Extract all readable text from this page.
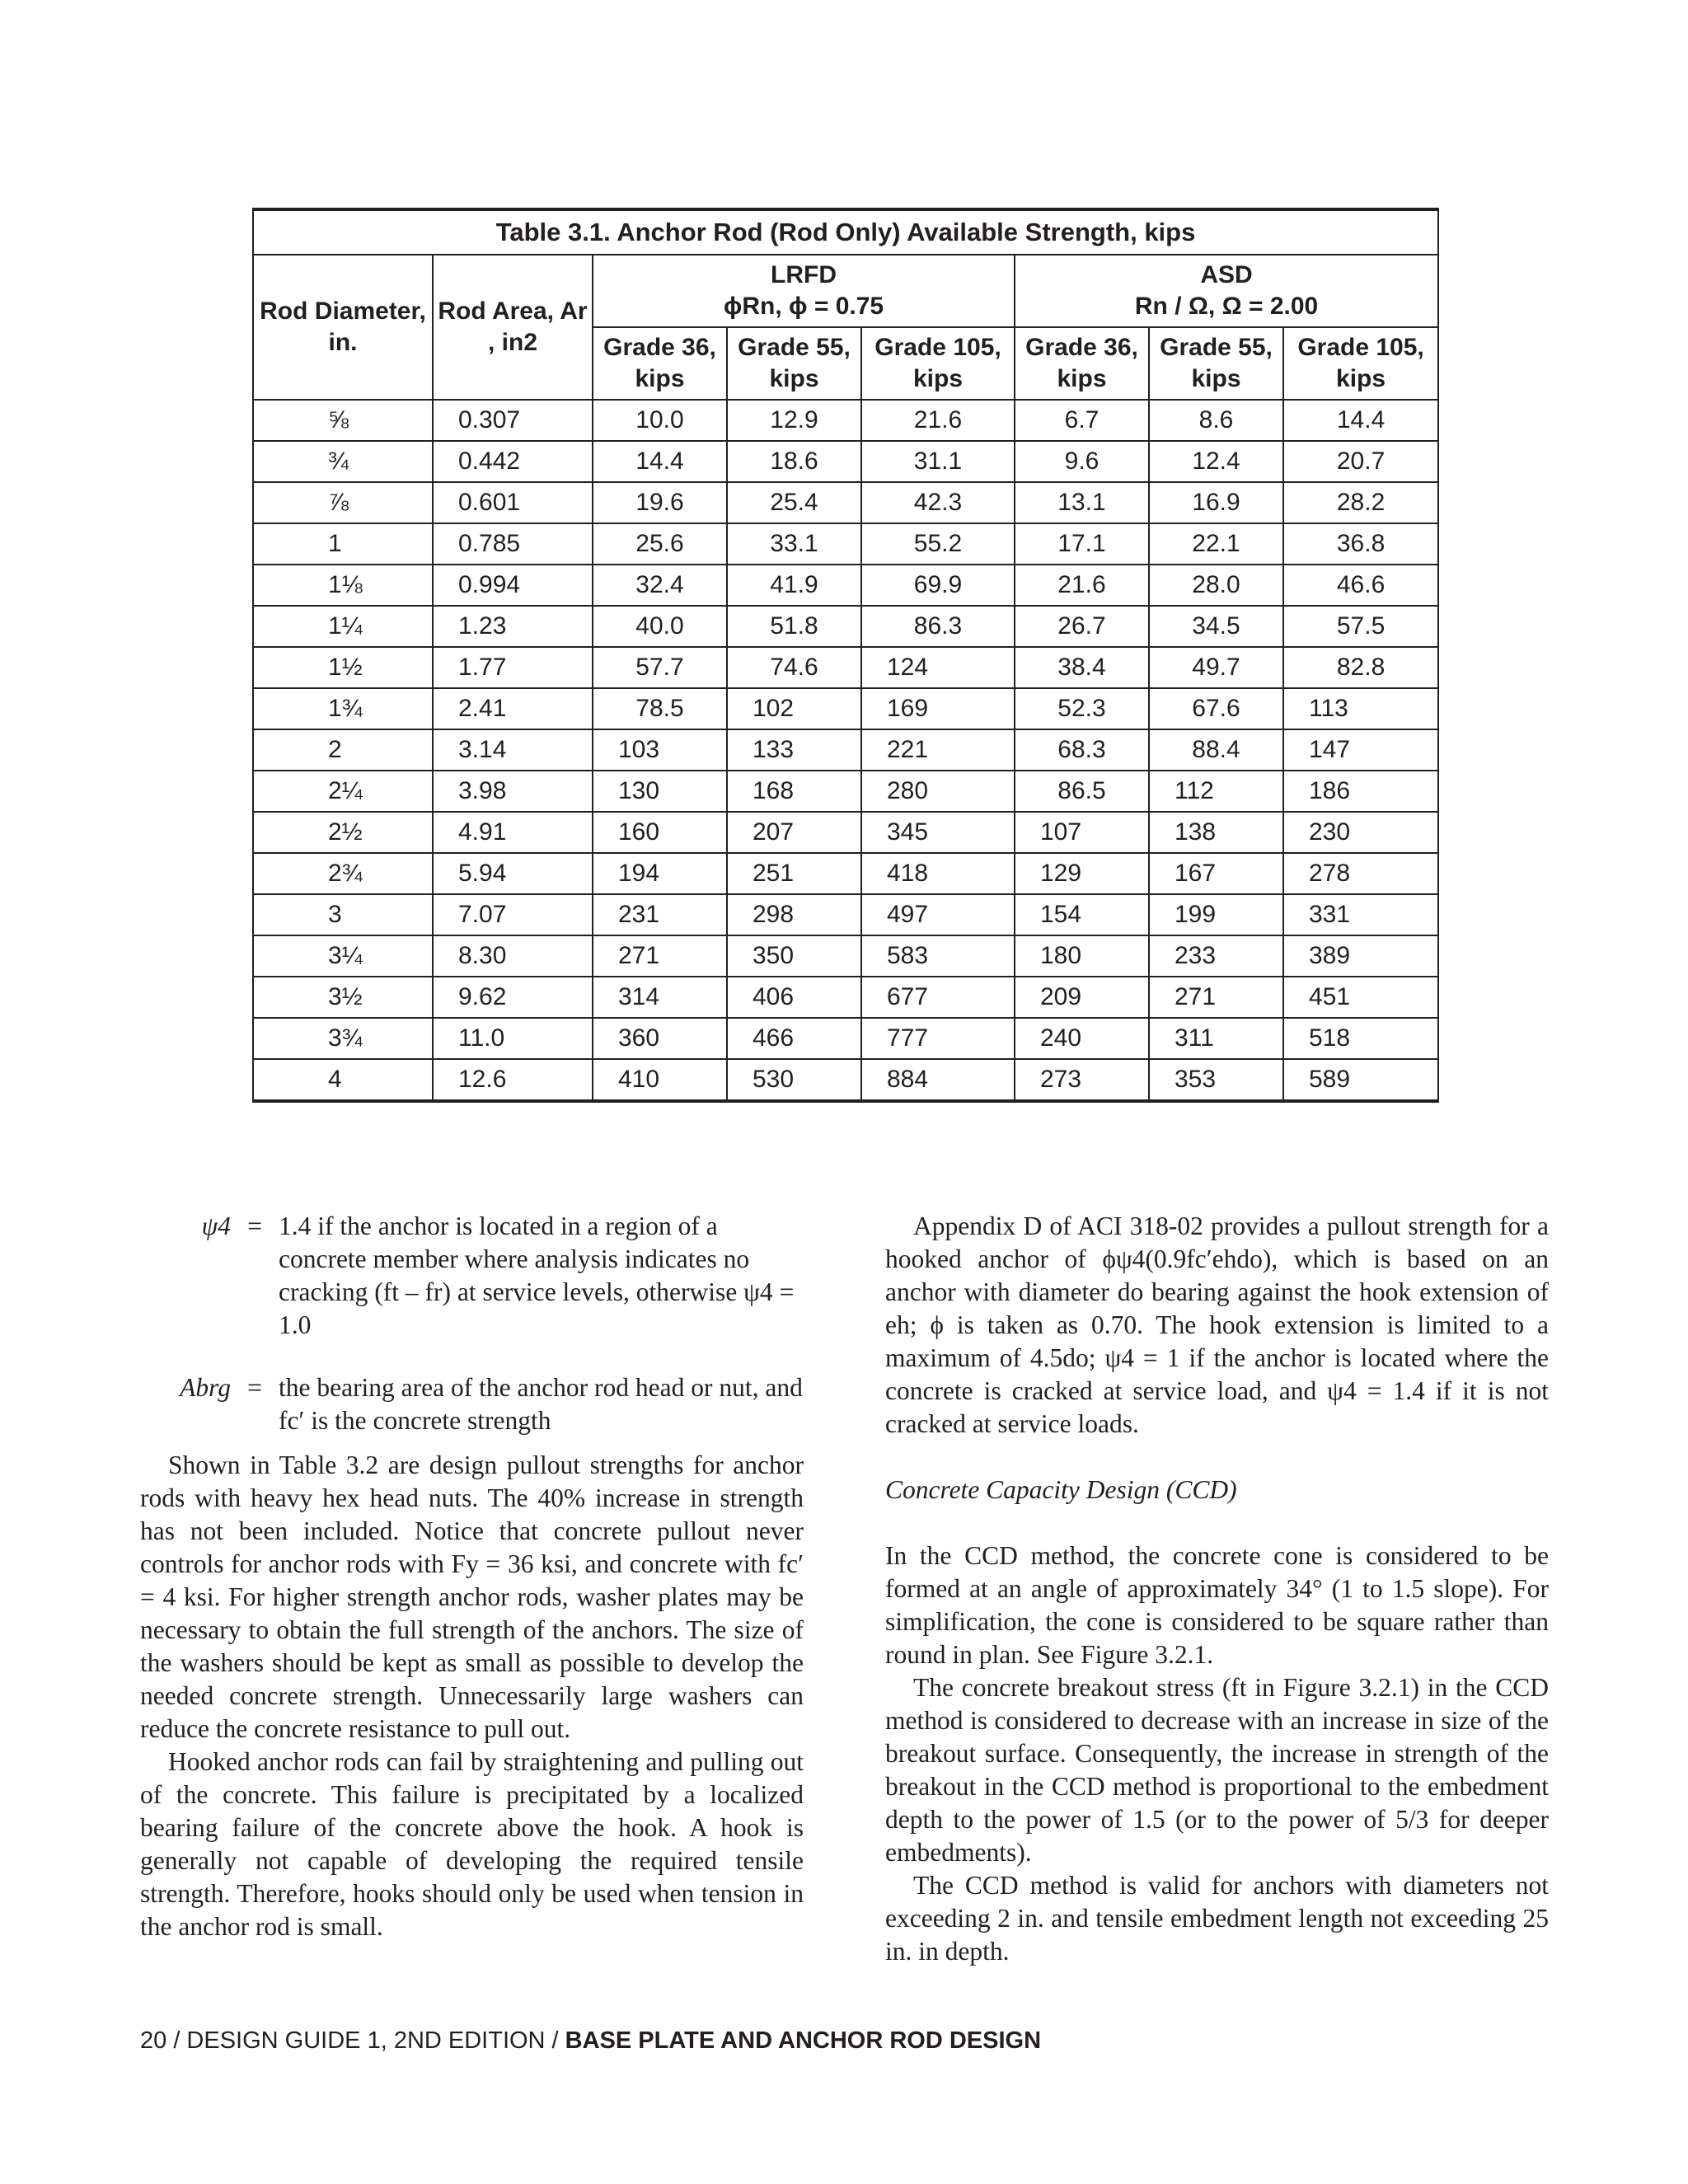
Table 3.1. Anchor Rod (Rod Only) Available Strength, kips							
Rod Diameter, in.	Rod Area, Ar , in2	LRFD
ϕRn, ϕ = 0.75			ASD
Rn / Ω, Ω = 2.00		

		Grade 36, kips	Grade 55, kips	Grade 105, kips	Grade 36, kips	Grade 55, kips	Grade 105, kips
⅝	0.307	10.0	12.9	21.6	6.7	8.6	14.4
¾	0.442	14.4	18.6	31.1	9.6	12.4	20.7
⅞	0.601	19.6	25.4	42.3	13.1	16.9	28.2
1	0.785	25.6	33.1	55.2	17.1	22.1	36.8
1⅛	0.994	32.4	41.9	69.9	21.6	28.0	46.6
1¼	1.23	40.0	51.8	86.3	26.7	34.5	57.5
1½	1.77	57.7	74.6	124	38.4	49.7	82.8
1¾	2.41	78.5	102	169	52.3	67.6	113
2	3.14	103	133	221	68.3	88.4	147
2¼	3.98	130	168	280	86.5	112	186
2½	4.91	160	207	345	107	138	230
2¾	5.94	194	251	418	129	167	278
3	7.07	231	298	497	154	199	331
3¼	8.30	271	350	583	180	233	389
3½	9.62	314	406	677	209	271	451
3¾	11.0	360	466	777	240	311	518
4	12.6	410	530	884	273	353	589
ψ4 = 1.4 if the anchor is located in a region of a concrete member where analysis indicates no cracking (ft – fr) at service levels, otherwise ψ4 = 1.0
Abrg = the bearing area of the anchor rod head or nut, and fc′ is the concrete strength

Shown in Table 3.2 are design pullout strengths for anchor rods with heavy hex head nuts. The 40% increase in strength has not been included. Notice that concrete pullout never controls for anchor rods with Fy = 36 ksi, and concrete with fc′ = 4 ksi. For higher strength anchor rods, washer plates may be necessary to obtain the full strength of the anchors. The size of the washers should be kept as small as possible to develop the needed concrete strength. Unnecessarily large washers can reduce the concrete resistance to pull out.

Hooked anchor rods can fail by straightening and pulling out of the concrete. This failure is precipitated by a localized bearing failure of the concrete above the hook. A hook is generally not capable of developing the required tensile strength. Therefore, hooks should only be used when tension in the anchor rod is small.

Appendix D of ACI 318-02 provides a pullout strength for a hooked anchor of ϕψ4(0.9fc′ehdo), which is based on an anchor with diameter do bearing against the hook extension of eh; ϕ is taken as 0.70. The hook extension is limited to a maximum of 4.5do; ψ4 = 1 if the anchor is located where the concrete is cracked at service load, and ψ4 = 1.4 if it is not cracked at service loads.

Concrete Capacity Design (CCD)

In the CCD method, the concrete cone is considered to be formed at an angle of approximately 34° (1 to 1.5 slope). For simplification, the cone is considered to be square rather than round in plan. See Figure 3.2.1.

The concrete breakout stress (ft in Figure 3.2.1) in the CCD method is considered to decrease with an increase in size of the breakout surface. Consequently, the increase in strength of the breakout in the CCD method is proportional to the embedment depth to the power of 1.5 (or to the power of 5/3 for deeper embedments).

The CCD method is valid for anchors with diameters not exceeding 2 in. and tensile embedment length not exceeding 25 in. in depth.

20 / DESIGN GUIDE 1, 2ND EDITION / BASE PLATE AND ANCHOR ROD DESIGN
